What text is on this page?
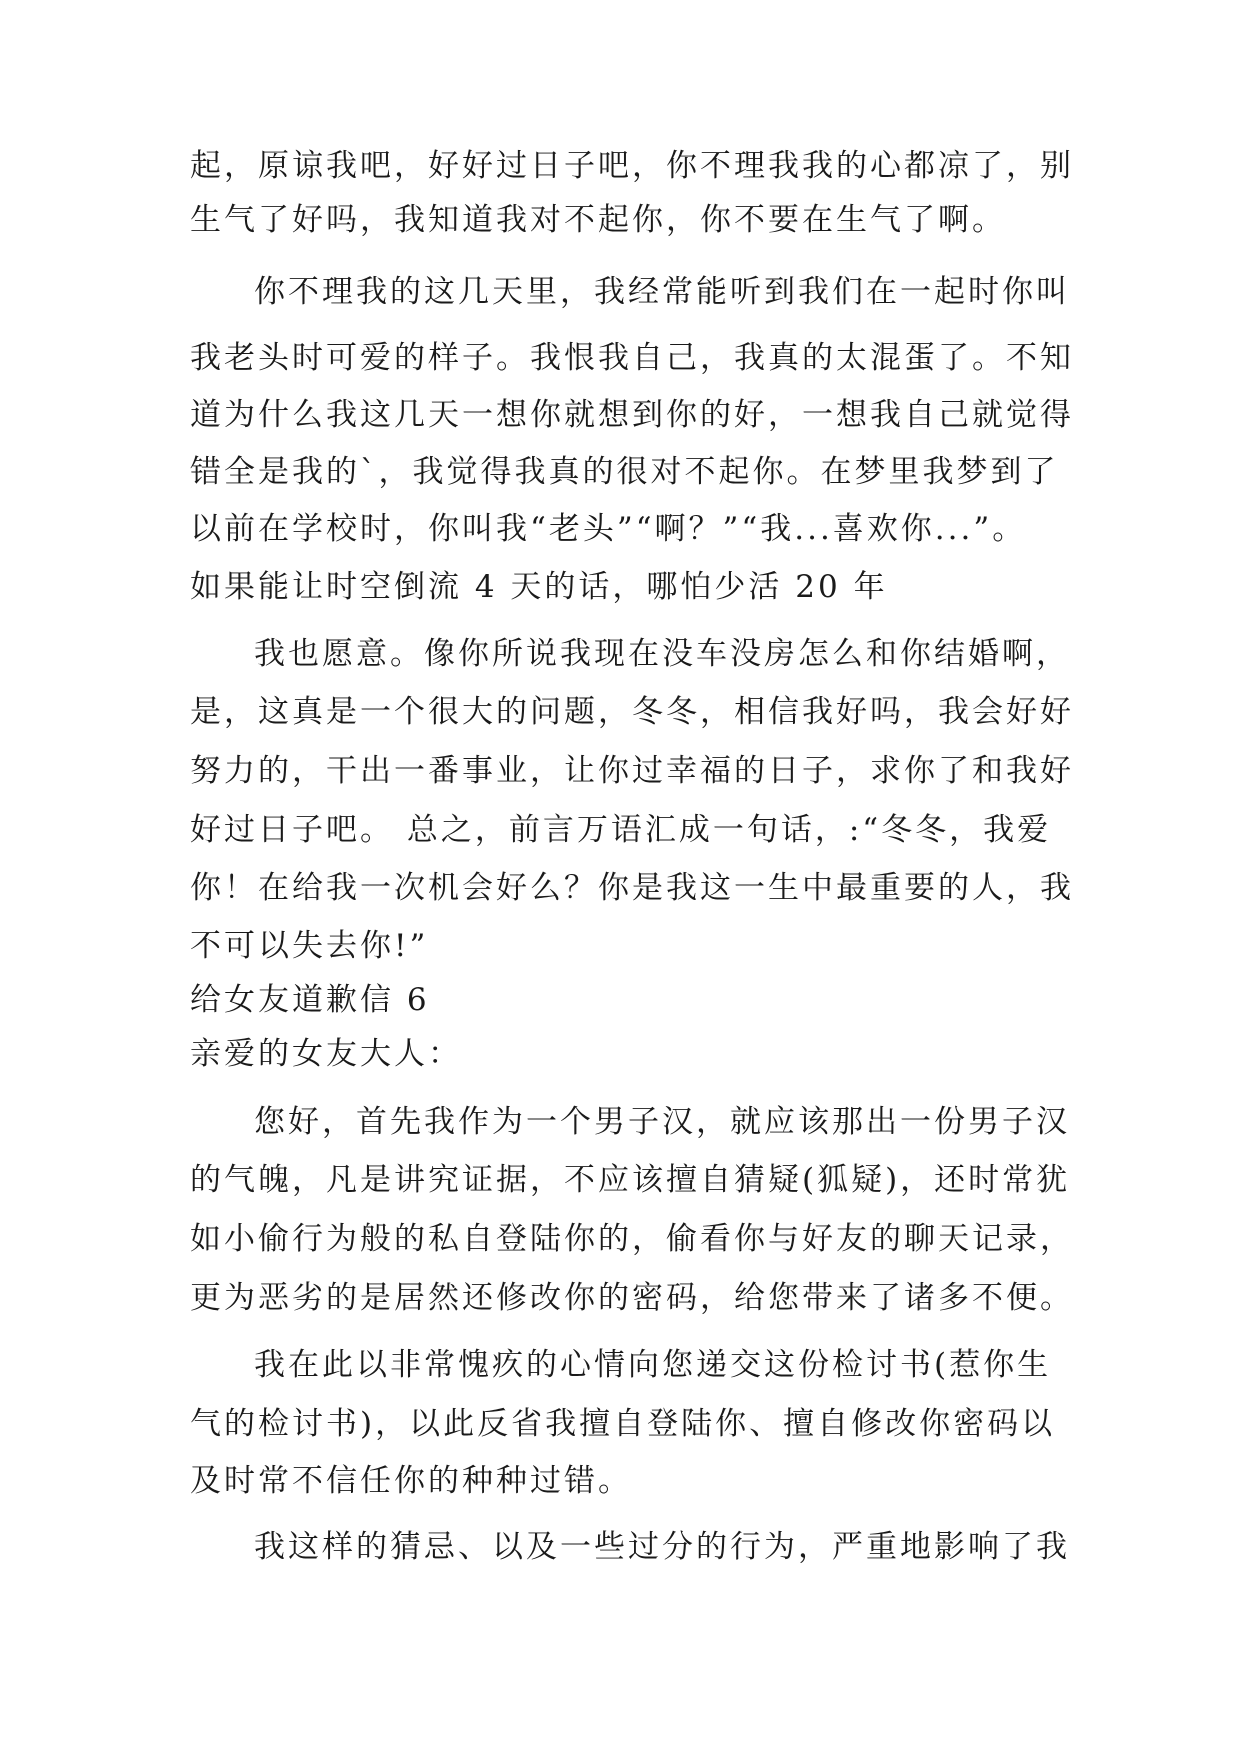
起，原谅我吧，好好过日子吧，你不理我我的心都凉了，别
生气了好吗，我知道我对不起你，你不要在生气了啊。
你不理我的这几天里，我经常能听到我们在一起时你叫
我老头时可爱的样子。我恨我自己，我真的太混蛋了。不知
道为什么我这几天一想你就想到你的好，一想我自己就觉得
错全是我的`，我觉得我真的很对不起你。在梦里我梦到了
以前在学校时，你叫我“老头”“啊？”“我...喜欢你...”。
如果能让时空倒流 4 天的话，哪怕少活 20 年
我也愿意。像你所说我现在没车没房怎么和你结婚啊，
是，这真是一个很大的问题，冬冬，相信我好吗，我会好好
努力的，干出一番事业，让你过幸福的日子，求你了和我好
好过日子吧。 总之，前言万语汇成一句话，:“冬冬，我爱
你！在给我一次机会好么？你是我这一生中最重要的人，我
不可以失去你!”
给女友道歉信 6
亲爱的女友大人：
您好，首先我作为一个男子汉，就应该那出一份男子汉
的气魄，凡是讲究证据，不应该擅自猜疑(狐疑)，还时常犹
如小偷行为般的私自登陆你的，偷看你与好友的聊天记录，
更为恶劣的是居然还修改你的密码，给您带来了诸多不便。
我在此以非常愧疚的心情向您递交这份检讨书(惹你生
气的检讨书)，以此反省我擅自登陆你、擅自修改你密码以
及时常不信任你的种种过错。
我这样的猜忌、以及一些过分的行为，严重地影响了我
